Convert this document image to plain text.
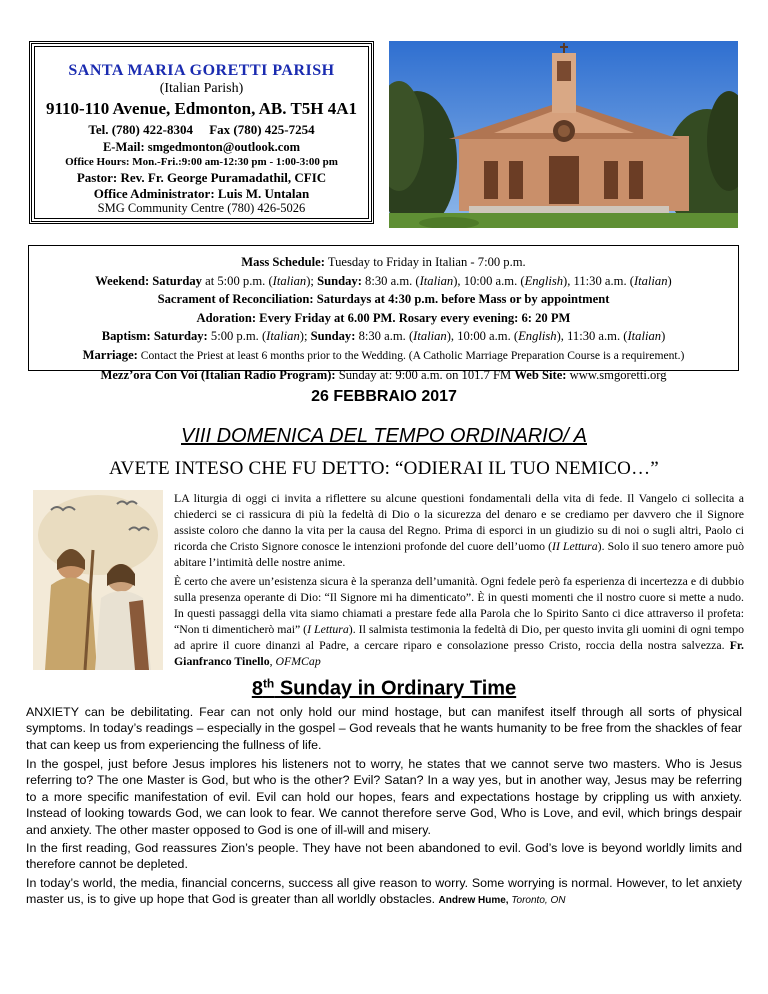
SANTA MARIA GORETTI PARISH
(Italian Parish)
9110-110 Avenue, Edmonton, AB. T5H 4A1
Tel. (780) 422-8304 Fax (780) 425-7254
E-Mail: smgedmonton@outlook.com
Office Hours: Mon.-Fri.:9:00 am-12:30 pm - 1:00-3:00 pm
Pastor: Rev. Fr. George Puramadathil, CFIC
Office Administrator: Luis M. Untalan
SMG Community Centre (780) 426-5026
Mass Schedule: Tuesday to Friday in Italian - 7:00 p.m.
Weekend: Saturday at 5:00 p.m. (Italian); Sunday: 8:30 a.m. (Italian), 10:00 a.m. (English), 11:30 a.m. (Italian)
Sacrament of Reconciliation: Saturdays at 4:30 p.m. before Mass or by appointment
Adoration: Every Friday at 6.00 PM. Rosary every evening: 6: 20 PM
Baptism: Saturday: 5:00 p.m. (Italian); Sunday: 8:30 a.m. (Italian), 10:00 a.m. (English), 11:30 a.m. (Italian)
Marriage: Contact the Priest at least 6 months prior to the Wedding. (A Catholic Marriage Preparation Course is a requirement.)
Mezz’ora Con Voi (Italian Radio Program): Sunday at: 9:00 a.m. on 101.7 FM Web Site: www.smgoretti.org
26 FEBBRAIO 2017
VIII DOMENICA DEL TEMPO ORDINARIO/ A
AVETE INTESO CHE FU DETTO: “ODIERAI IL TUO NEMICO…”

LA liturgia di oggi ci invita a riflettere su alcune questioni fondamentali della vita di fede. Il Vangelo ci sollecita a chiederci se ci rassicura di più la fedeltà di Dio o la sicurezza del denaro e se crediamo per davvero che il Signore assiste coloro che danno la vita per la causa del Regno. Prima di esporci in un giudizio su di noi o sugli altri, Paolo ci ricorda che Cristo Signore conosce le intenzioni profonde del cuore dell’uomo (II Lettura). Solo il suo tenero amore può abitare l’intimità delle nostre anime.

È certo che avere un’esistenza sicura è la speranza dell’umanità. Ogni fedele però fa esperienza di incertezza e di dubbio sulla presenza operante di Dio: “Il Signore mi ha dimenticato”. È in questi momenti che il nostro cuore si mette a nudo. In questi passaggi della vita siamo chiamati a prestare fede alla Parola che lo Spirito Santo ci dice attraverso il profeta: “Non ti dimenticherò mai” (I Lettura). Il salmista testimonia la fedeltà di Dio, per questo invita gli uomini di ogni tempo ad aprire il cuore dinanzi al Padre, a cercare riparo e consolazione presso Cristo, roccia della nostra salvezza. Fr. Gianfranco Tinello, OFMCap

8th Sunday in Ordinary Time

ANXIETY can be debilitating. Fear can not only hold our mind hostage, but can manifest itself through all sorts of physical symptoms. In today’s readings – especially in the gospel – God reveals that he wants humanity to be free from the shackles of fear that can keep us from experiencing the fullness of life.

In the gospel, just before Jesus implores his listeners not to worry, he states that we cannot serve two masters. Who is Jesus referring to? The one Master is God, but who is the other? Evil? Satan? In a way yes, but in another way, Jesus may be referring to a more specific manifestation of evil. Evil can hold our hopes, fears and expectations hostage by crippling us with anxiety. Instead of looking towards God, we can look to fear. We cannot therefore serve God, Who is Love, and evil, which brings despair and anxiety. The other master opposed to God is one of ill-will and misery.

In the first reading, God reassures Zion’s people. They have not been abandoned to evil. God’s love is beyond worldly limits and therefore cannot be depleted.

In today’s world, the media, financial concerns, success all give reason to worry. Some worrying is normal. However, to let anxiety master us, is to give up hope that God is greater than all worldly obstacles. Andrew Hume, Toronto, ON
